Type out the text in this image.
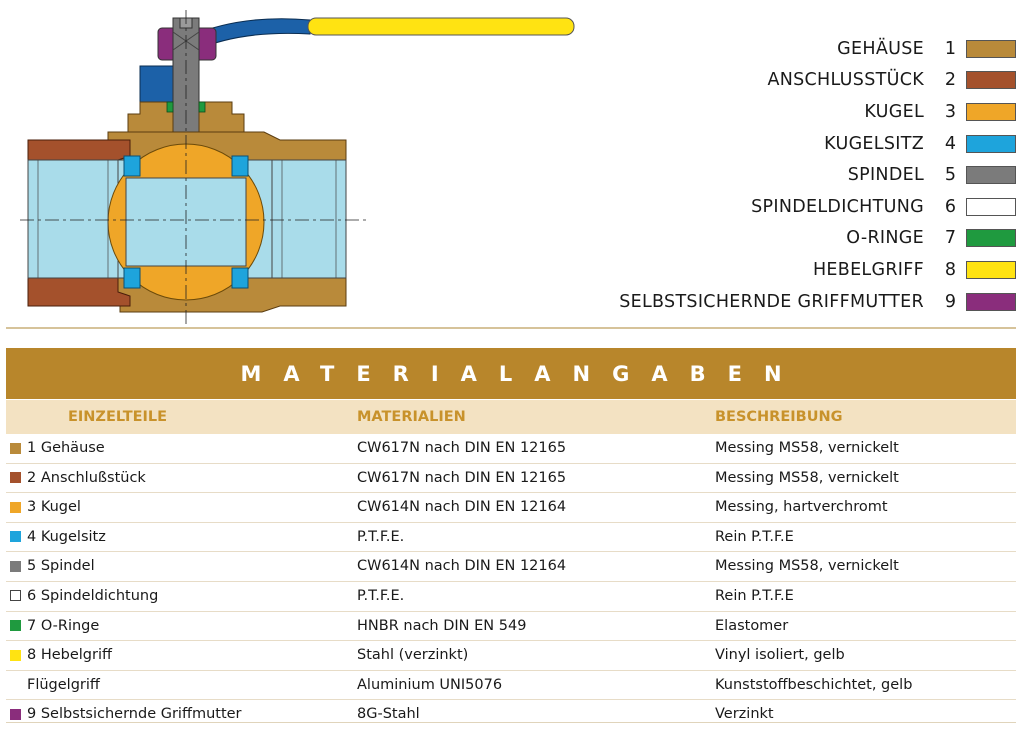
GEHÄUSE	1
ANSCHLUSSTÜCK	2
KUGEL	3
KUGELSITZ	4
SPINDEL	5
SPINDELDICHTUNG	6
O-RINGE	7
HEBELGRIFF	8
SELBSTSICHERNDE GRIFFMUTTER	9
MATERIALANGABEN
EINZELTEILE	MATERIALIEN	BESCHREIBUNG
1 Gehäuse	CW617N nach DIN EN 12165	Messing MS58, vernickelt
2 Anschlußstück	CW617N nach DIN EN 12165	Messing MS58, vernickelt
3 Kugel	CW614N nach DIN EN 12164	Messing, hartverchromt
4 Kugelsitz	P.T.F.E.	Rein P.T.F.E
5 Spindel	CW614N nach DIN EN 12164	Messing MS58, vernickelt
6 Spindeldichtung	P.T.F.E.	Rein P.T.F.E
7 O-Ringe	HNBR nach DIN EN 549	Elastomer
8 Hebelgriff	Stahl (verzinkt)	Vinyl isoliert, gelb
Flügelgriff	Aluminium UNI5076	Kunststoffbeschichtet, gelb
9 Selbstsichernde Griffmutter	8G-Stahl	Verzinkt
